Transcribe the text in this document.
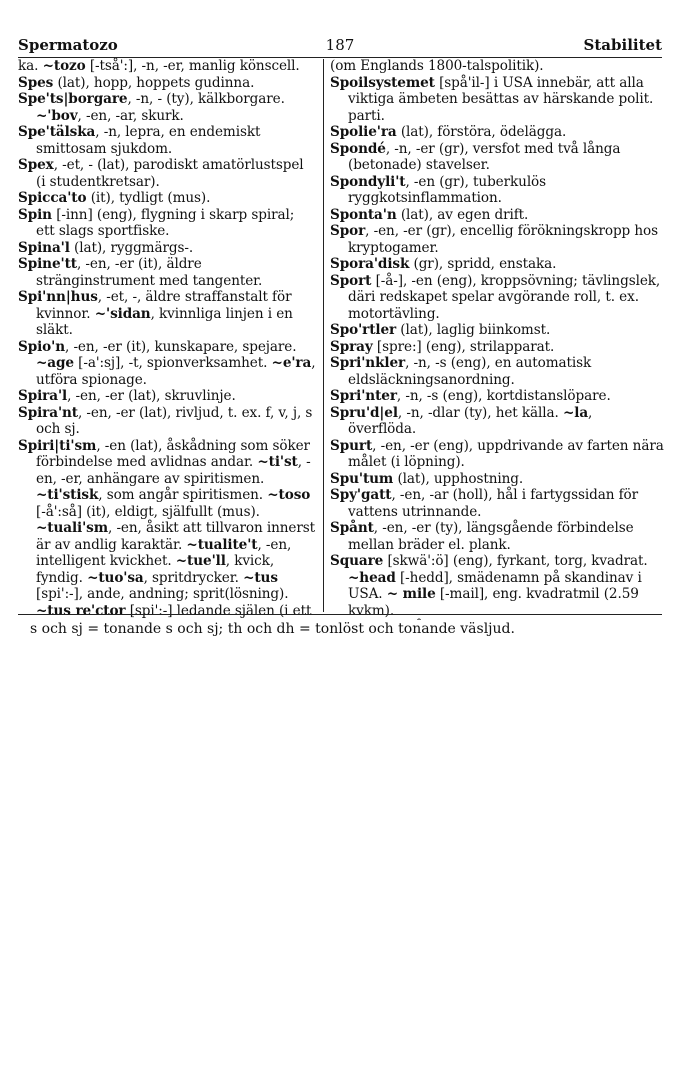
Spermatozo	187	Stabilitet

ka. ~tozo [-tså':], -n, -er, manlig könscell.

Spes (lat), hopp, hoppets gudinna.

Spe'ts|borgare, -n, - (ty), kälkborgare. ~'bov, -en, -ar, skurk.

Spe'tälska, -n, lepra, en endemiskt smittosam sjukdom.

Spex, -et, - (lat), parodiskt amatörlustspel (i studentkretsar).

Spicca'to (it), tydligt (mus).

Spin [-inn] (eng), flygning i skarp spiral; ett slags sportfiske.

Spina'l (lat), ryggmärgs-.

Spine'tt, -en, -er (it), äldre stränginstrument med tangenter.

Spi'nn|hus, -et, -, äldre straffanstalt för kvinnor. ~'sidan, kvinnliga linjen i en släkt.

Spio'n, -en, -er (it), kunskapare, spejare. ~age [-a':sj], -t, spionverksamhet. ~e'ra, utföra spionage.

Spira'l, -en, -er (lat), skruvlinje.

Spira'nt, -en, -er (lat), rivljud, t. ex. f, v, j, s och sj.

Spiri|ti'sm, -en (lat), åskådning som söker förbindelse med avlidnas andar. ~ti'st, -en, -er, anhängare av spiritismen. ~ti'stisk, som angår spiritismen. ~toso [-å':så] (it), eldigt, själfullt (mus). ~tuali'sm, -en, åsikt att tillvaron innerst är av andlig karaktär. ~tualite't, -en, intelligent kvickhet. ~tue'll, kvick, fyndig. ~tuo'sa, spritdrycker. ~tus [spi':-], ande, andning; sprit(lösning). ~tus re'ctor [spi':-] ledande själen (i ett

(om Englands 1800-talspolitik).

Spoilsystemet [spå'il-] i USA innebär, att alla viktiga ämbeten besättas av härskande polit. parti.

Spolie'ra (lat), förstöra, ödelägga.

Spondé, -n, -er (gr), versfot med två långa (betonade) stavelser.

Spondyli't, -en (gr), tuberkulös ryggkotsinflammation.

Sponta'n (lat), av egen drift.

Spor, -en, -er (gr), encellig förökningskropp hos kryptogamer.

Spora'disk (gr), spridd, enstaka.

Sport [-å-], -en (eng), kroppsövning; tävlingslek, däri redskapet spelar avgörande roll, t. ex. motortävling.

Spo'rtler (lat), laglig biinkomst.

Spray [spre:] (eng), strilapparat.

Spri'nkler, -n, -s (eng), en automatisk eldsläckningsanordning.

Spri'nter, -n, -s (eng), kortdistanslöpare.

Spru'd|el, -n, -dlar (ty), het källa. ~la, överflöda.

Spurt, -en, -er (eng), uppdrivande av farten nära målet (i löpning).

Spu'tum (lat), upphostning.

Spy'gatt, -en, -ar (holl), hål i fartygssidan för vattens utrinnande.

Spånt, -en, -er (ty), längsgående förbindelse mellan bräder el. plank.

Square [skwä':ö] (eng), fyrkant, torg, kvadrat. ~head [-hedd], smädenamn på skandinav i USA. ~ mile [-mail], eng. kvadratmil (2.59 kvkm).

s och sj = tonande s och sj; th och dh = tonlöst och tonande väsljud.
